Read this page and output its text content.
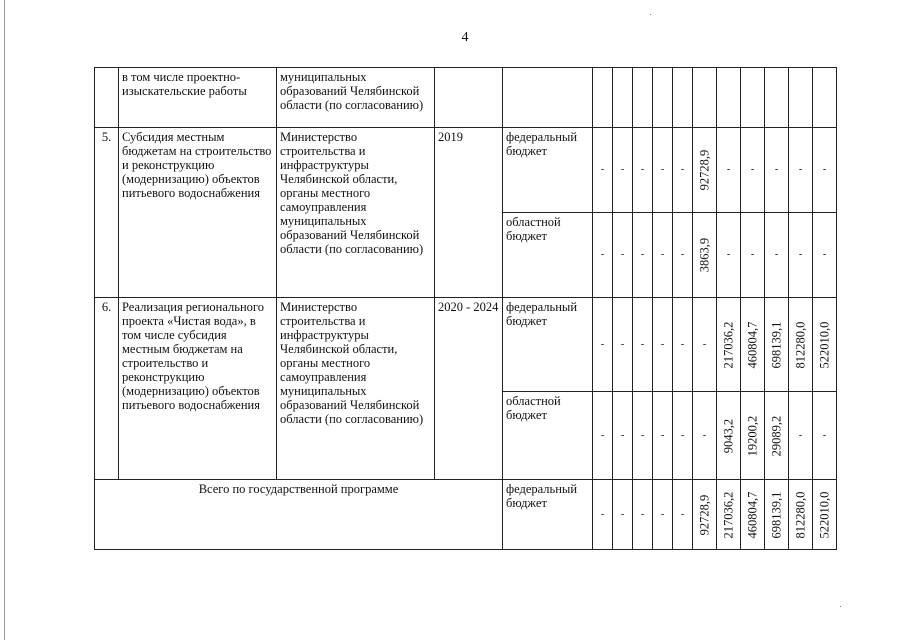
4
	в том числе проектно-изыскательские работы	муниципальных образований Челябинской области (по согласованию)													
5.	Субсидия местным бюджетам на строительство и реконструкцию (модернизацию) объектов питьевого водоснабжения	Министерство строительства и инфраструктуры Челябинской области, органы местного самоуправления муниципальных образований Челябинской области (по согласованию)	2019	федеральный бюджет	-	-	-	-	-	92728,9	-	-	-	-	-

				областной бюджет	-	-	-	-	-	3863,9	-	-	-	-	-

6.	Реализация регионального проекта «Чистая вода», в том числе субсидия местным бюджетам на строительство и реконструкцию (модернизацию) объектов питьевого водоснабжения	Министерство строительства и инфраструктуры Челябинской области, органы местного самоуправления муниципальных образований Челябинской области (по согласованию)	2020 - 2024	федеральный бюджет	-	-	-	-	-	-	217036,2	460804,7	698139,1	812280,0	522010,0

				областной бюджет	-	-	-	-	-	-	9043,2	19200,2	29089,2	-	-

Всего по государственной программе				федеральный бюджет	-	-	-	-	-	92728,9	217036,2	460804,7	698139,1	812280,0	522010,0
